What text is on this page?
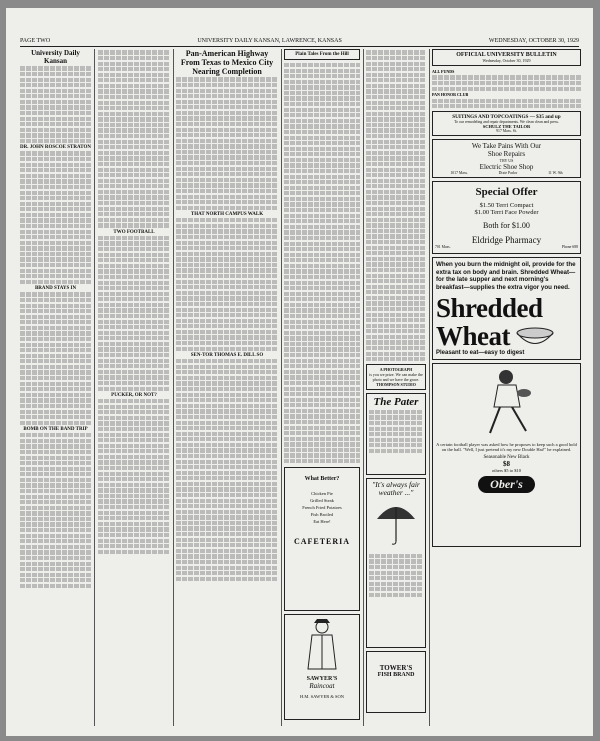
PAGE TWO	UNIVERSITY DAILY KANSAN, LAWRENCE, KANSAS	WEDNESDAY, OCTOBER 30, 1929
University Daily Kansan
DR. JOHN ROSCOE STRATON
BRAND STAYS IN
BOMB ON THE BAND TRIP
TWO FOOTBALL
PUCKER, OR NOT?
Pan-American Highway From Texas to Mexico City Nearing Completion
THAT NORTH CAMPUS WALK
SEN-TOR THOMAS E. DILL SO
Plain Tales From the Hill
What Better?
Chicken Pie
Grilled Steak
French Fried Potatoes
Fish Broiled
Eat Here!
CAFETERIA
SAWYER'S
Raincoat
H.M. SAWYER & SON
A PHOTOGRAPH
is you we prize. We can make the photo and we have the grace.
THOMPSON STUDIO
The Pater
"It's always fair weather ..."
TOWER'S
FISH BRAND
OFFICIAL UNIVERSITY BULLETIN
Wednesday, October 30, 1929
ALL FUNDS
PAN HONOR CLUB
SUITINGS AND TOPCOATINGS — $35 and up
To our remodeling and repair departments. We clean clean and press.
SCHULZ THE TAILOR
917 Mass. St.
We Take Pains With Our
Shoe Repairs
TRY US
Electric Shoe Shop
1017 Mass.	Dixie Parlor	11 W. 9th
Special Offer
$1.50 Terri Compact
$1.00 Terri Face Powder
Both for $1.00
Eldridge Pharmacy
701 Mass.	Phone 688
When you burn the midnight oil, provide for the extra tax on body and brain. Shredded Wheat—for the late supper and next morning's breakfast—supplies the extra vigor you need.
Shredded
Wheat
Pleasant to eat—easy to digest
A certain football player was asked how he proposes to keep such a good hold on the ball. "Well, I just pretend it's my new Double Hat!" he explained.
Seasonable New Black
$8
others $5 to $10
Ober's
